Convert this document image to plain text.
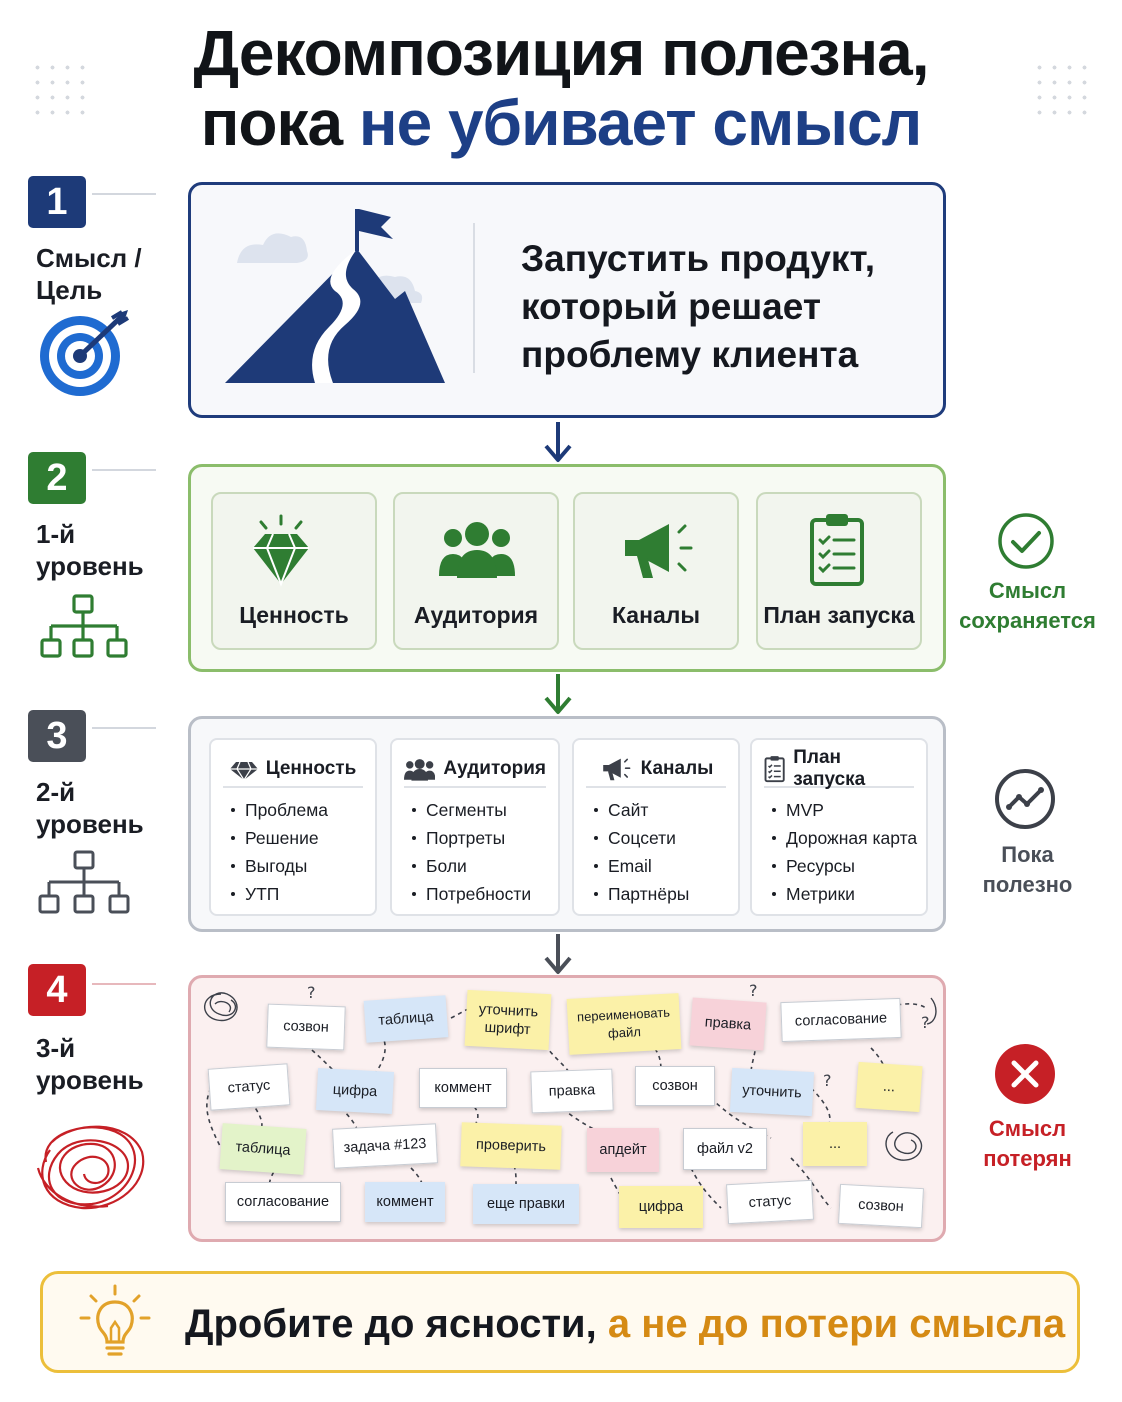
Декомпозиция полезна,
пока не убивает смысл
1
Смысл /
Цель
Запустить продукт,
который решает
проблему клиента
2
1-й
уровень
Ценность	Аудитория	Каналы	План запуска
3
2-й
уровень
Ценность
Проблема
Решение
Выгоды
УТП
Аудитория
Сегменты
Портреты
Боли
Потребности
Каналы
Сайт
Соцсети
Email
Партнёры
План запуска
MVP
Дорожная карта
Ресурсы
Метрики
4
3-й
уровень
?	?
?
?
созвон	таблица	уточнить
шрифт
переименовать
файл	правка	согласование
статус	цифра	коммент	правка	созвон	уточнить	...
таблица	задача #123	проверить	апдейт	файл v2	...
согласование	коммент	еще правки	цифра	статус	созвон
Смысл
сохраняется
Пока
полезно
Смысл
потерян
Дробите до ясности, а не до потери смысла
